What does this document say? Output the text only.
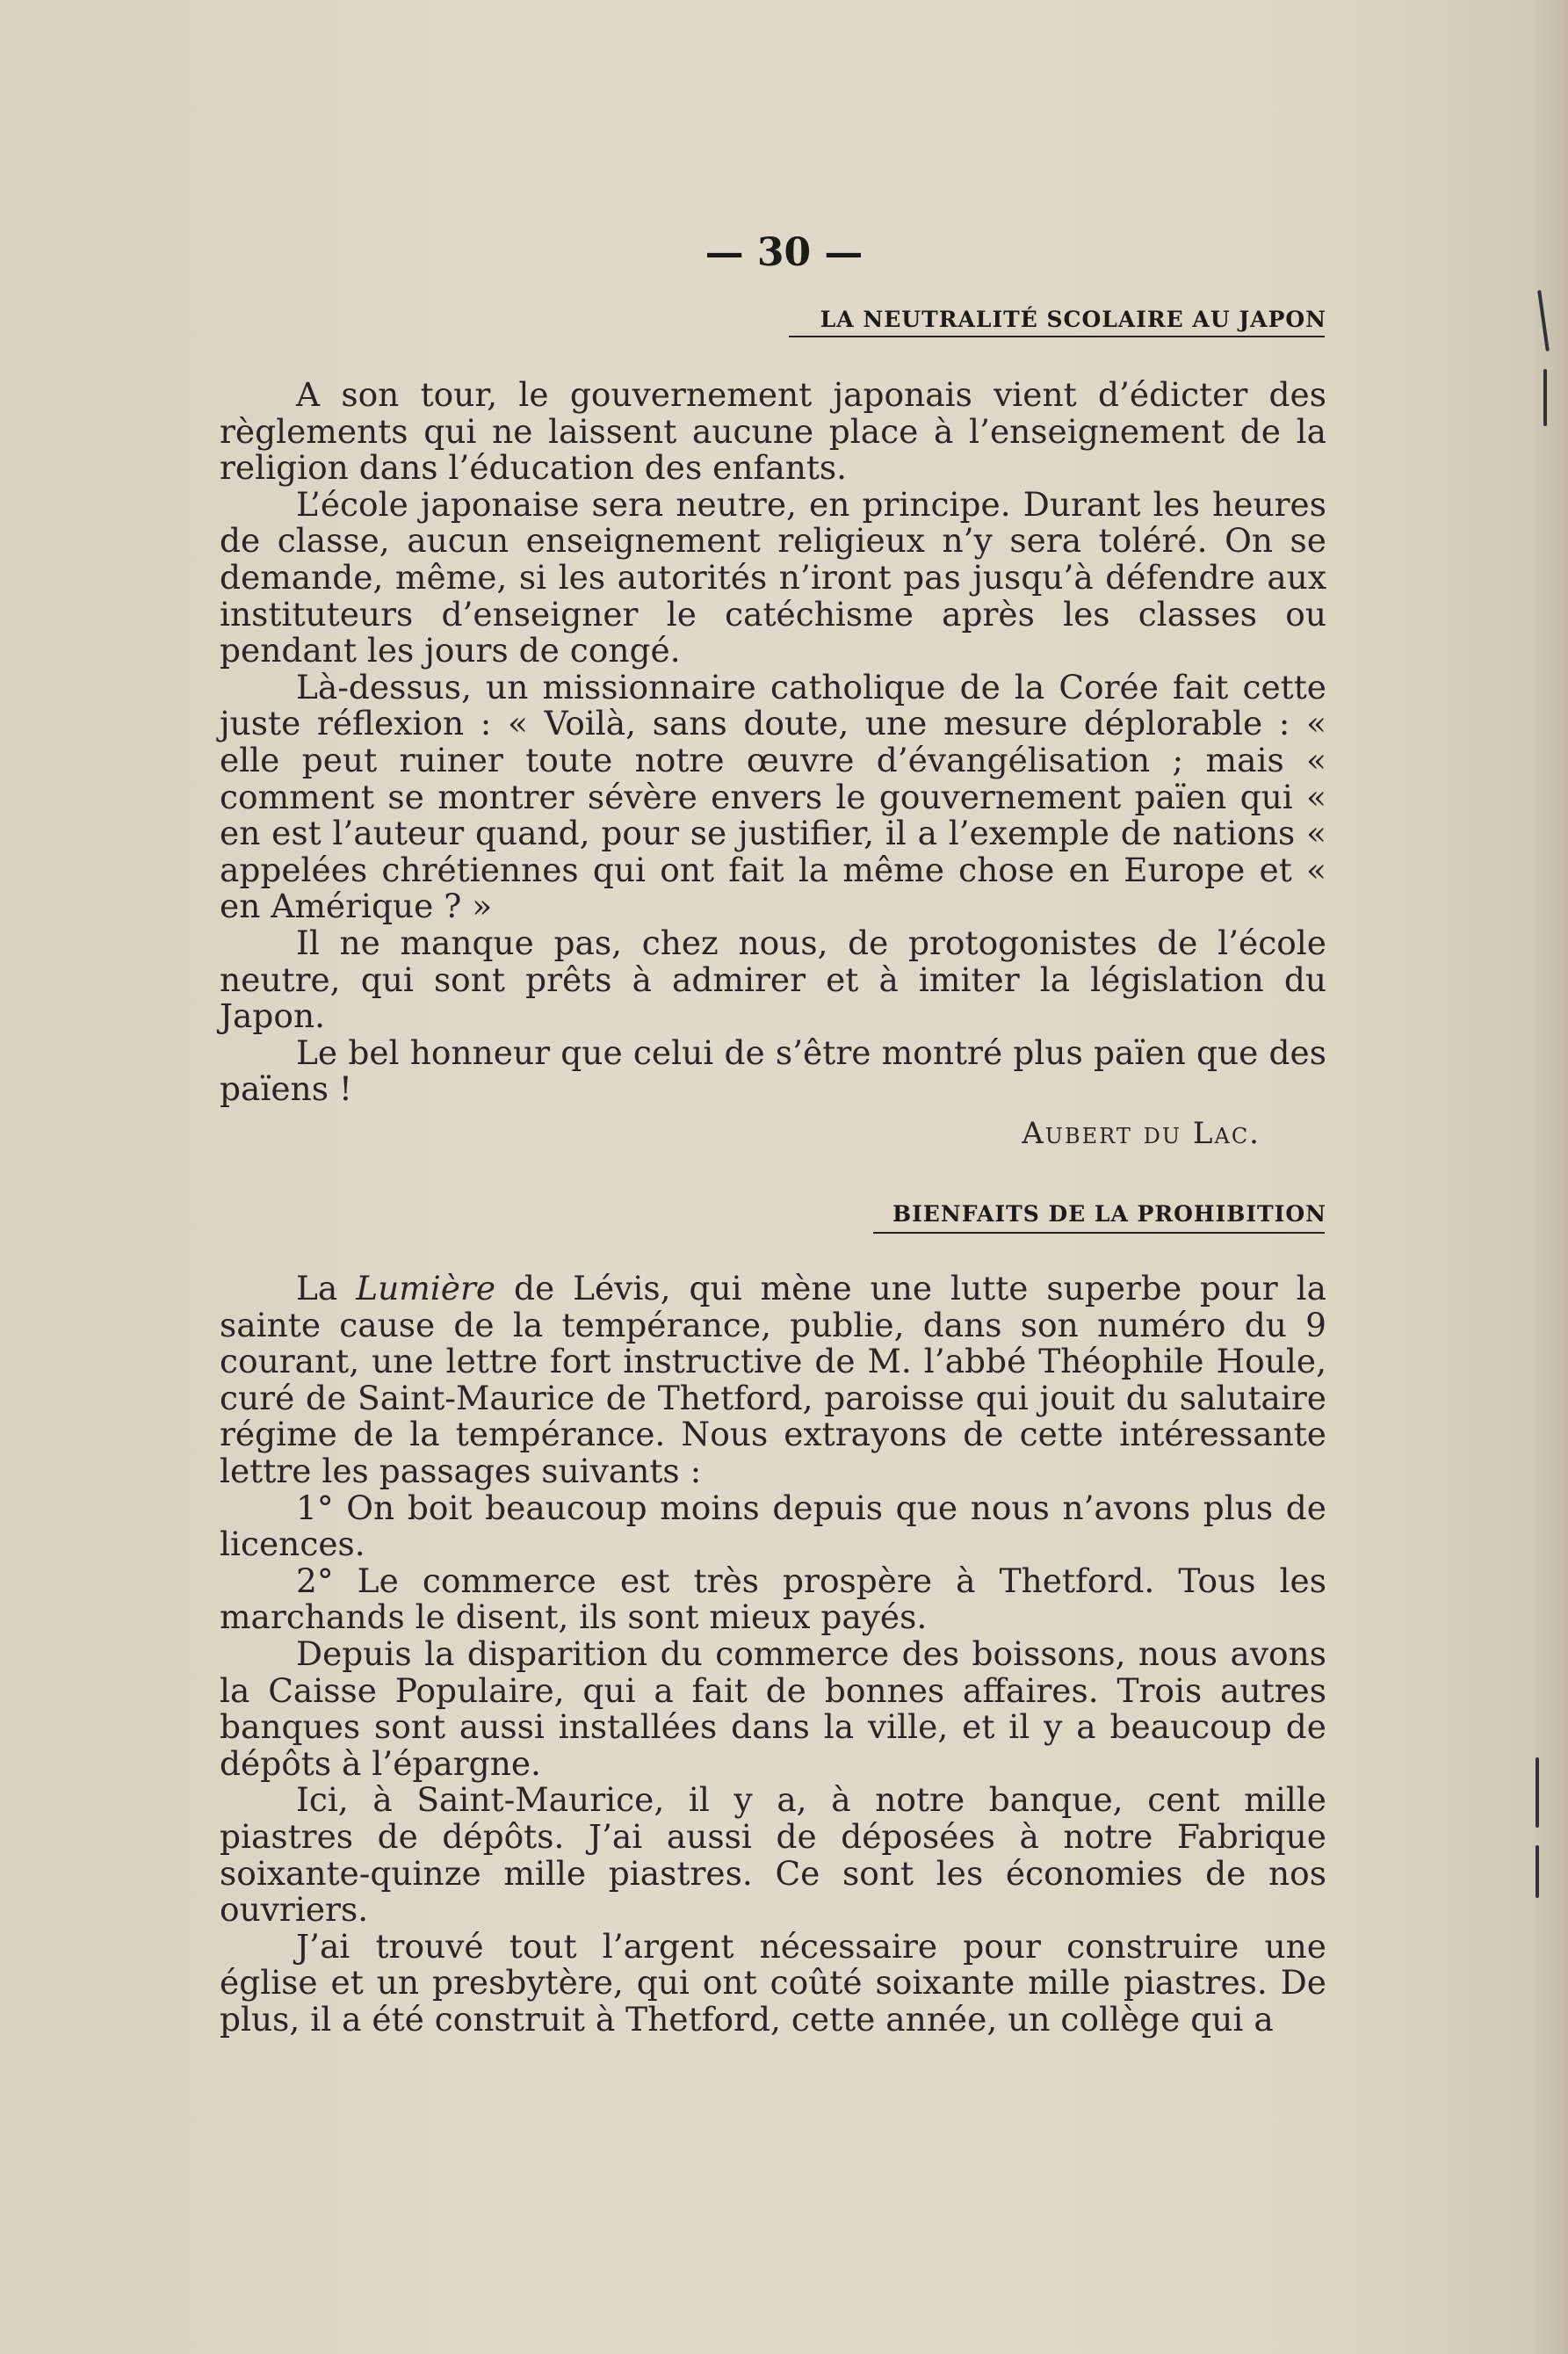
— 30 —
LA NEUTRALITÉ SCOLAIRE AU JAPON

A son tour, le gouvernement japonais vient d’édicter des règlements qui ne laissent aucune place à l’enseignement de la religion dans l’éducation des enfants.

L’école japonaise sera neutre, en principe. Durant les heures de classe, aucun enseignement religieux n’y sera toléré. On se demande, même, si les autorités n’iront pas jusqu’à défendre aux instituteurs d’enseigner le catéchisme après les classes ou pendant les jours de congé.

Là-dessus, un missionnaire catholique de la Corée fait cette juste réflexion : « Voilà, sans doute, une mesure déplorable : « elle peut ruiner toute notre œuvre d’évangélisation ; mais « comment se montrer sévère envers le gouvernement païen qui « en est l’auteur quand, pour se justifier, il a l’exemple de nations « appelées chrétiennes qui ont fait la même chose en Europe et « en Amérique ? »

Il ne manque pas, chez nous, de protogonistes de l’école neutre, qui sont prêts à admirer et à imiter la législation du Japon.

Le bel honneur que celui de s’être montré plus païen que des païens !

Aubert du Lac.
BIENFAITS DE LA PROHIBITION

La Lumière de Lévis, qui mène une lutte superbe pour la sainte cause de la tempérance, publie, dans son numéro du 9 courant, une lettre fort instructive de M. l’abbé Théophile Houle, curé de Saint-Maurice de Thetford, paroisse qui jouit du salutaire régime de la tempérance. Nous extrayons de cette intéressante lettre les passages suivants :

1° On boit beaucoup moins depuis que nous n’avons plus de licences.

2° Le commerce est très prospère à Thetford. Tous les marchands le disent, ils sont mieux payés.

Depuis la disparition du commerce des boissons, nous avons la Caisse Populaire, qui a fait de bonnes affaires. Trois autres banques sont aussi installées dans la ville, et il y a beaucoup de dépôts à l’épargne.

Ici, à Saint-Maurice, il y a, à notre banque, cent mille piastres de dépôts. J’ai aussi de déposées à notre Fabrique soixante-quinze mille piastres. Ce sont les économies de nos ouvriers.

J’ai trouvé tout l’argent nécessaire pour construire une église et un presbytère, qui ont coûté soixante mille piastres. De plus, il a été construit à Thetford, cette année, un collège qui a
